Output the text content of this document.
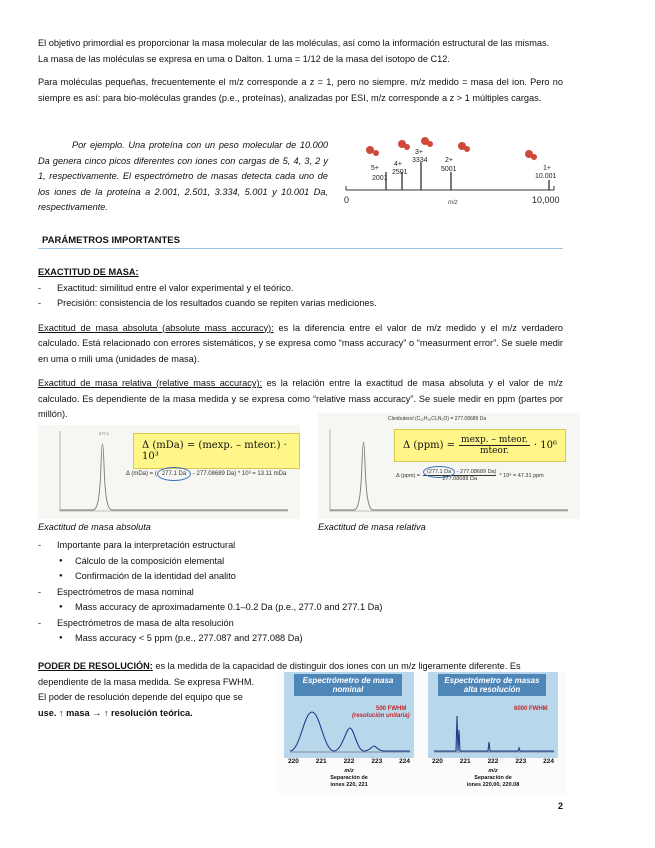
El objetivo primordial es proporcionar la masa molecular de las moléculas, así como la información estructural de las mismas.

La masa de las moléculas se expresa en uma o Dalton. 1 uma = 1/12 de la masa del isotopo de C12.

Para moléculas pequeñas, frecuentemente el m/z corresponde a z = 1, pero no siempre. m/z medido = masa del ion. Pero no siempre es así: para bio-moléculas grandes (p.e., proteínas), analizadas por ESI, m/z corresponde a z > 1 múltiples cargas.

Por ejemplo. Una proteína con un peso molecular de 10.000 Da genera cinco picos diferentes con iones con cargas de 5, 4, 3, 2 y 1, respectivamente. El espectrómetro de masas detecta cada uno de los iones de la proteína a 2.001, 2.501, 3.334, 5.001 y 10.001 Da, respectivamente.

5+
2001
4+
2501
3+
3334 2+
5001	1+
10.001
0	10,000
m/z
PARÁMETROS IMPORTANTES
EXACTITUD DE MASA:
- Exactitud: similitud entre el valor experimental y el teórico.
- Precisión: consistencia de los resultados cuando se repiten varias mediciones.

Exactitud de masa absoluta (absolute mass accuracy): es la diferencia entre el valor de m/z medido y el m/z verdadero calculado. Está relacionado con errores sistemáticos, y se expresa como “mass accuracy” o “measurment error”. Se suele medir en uma o mili uma (unidades de masa).

Exactitud de masa relativa (relative mass accuracy): es la relación entre la exactitud de masa absoluta y el valor de m/z calculado. Es dependiente de la masa medida y se expresa como “relative mass accuracy”. Se suele medir en ppm (partes por millón).

277.1
Δ (mDa) = (mexp. – mteor.) · 10³
Δ (mDa) = ( 277.1 Da - 277.08689 Da) * 10³ = 13.11 mDa
Exactitud de masa absoluta
Clenbuterol (C₁₂H₁₈Cl₂N₂O) = 277.08689 Da
Δ (ppm) = mexp. – mteor.
mteor. · 10⁶
Δ $(ppm) = \frac{(277.1 Da - 277.08689 Da)}{277.08689 Da} * 10^6 = 47.31$ ppm
Exactitud de masa relativa
- Importante para la interpretación estructural
● Cálculo de la composición elemental
● Confirmación de la identidad del analito
- Espectrómetros de masa nominal
● Mass accuracy de aproximadamente 0.1–0.2 Da (p.e., 277.0 and 277.1 Da)
- Espectrómetros de masa de alta resolución
● Mass accuracy < 5 ppm (p.e., 277.087 and 277.088 Da)

PODER DE RESOLUCIÓN: es la medida de la capacidad de distinguir dos iones con un m/z ligeramente diferente. Es

dependiente de la masa medida. Se expresa FWHM.

El poder de resolución depende del equipo que se

use. ↑ masa → ↑ resolución teórica.

Espectrómetro de masa nominal
500 FWHM
(resolución unitaria)
220	221	222	223	224
m/z
Separación de
iones 220, 221
Espectrómetro de masas alta resolución
6000 FWHM
220	221	222	223	224
m/z
Separación de
iones 220,00, 220.08
2
